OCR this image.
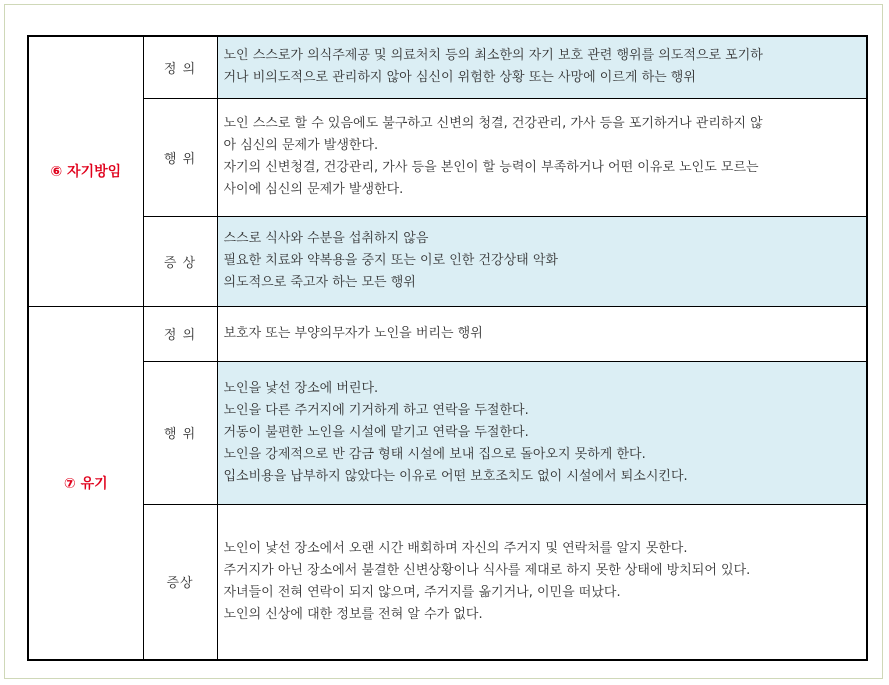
⑥ 자기방임	정 의	노인 스스로가 의식주제공 및 의료처치 등의 최소한의 자기 보호 관련 행위를 의도적으로 포기하
거나 비의도적으로 관리하지 않아 심신이 위험한 상황 또는 사망에 이르게 하는 행위

	행 위	노인 스스로 할 수 있음에도 불구하고 신변의 청결, 건강관리, 가사 등을 포기하거나 관리하지 않
아 심신의 문제가 발생한다.
자기의 신변청결, 건강관리, 가사 등을 본인이 할 능력이 부족하거나 어떤 이유로 노인도 모르는
사이에 심신의 문제가 발생한다.

	증 상	스스로 식사와 수분을 섭취하지 않음
필요한 치료와 약복용을 중지 또는 이로 인한 건강상태 악화
의도적으로 죽고자 하는 모든 행위

⑦ 유기	정 의	보호자 또는 부양의무자가 노인을 버리는 행위

	행 위	노인을 낯선 장소에 버린다.
노인을 다른 주거지에 기거하게 하고 연락을 두절한다.
거동이 불편한 노인을 시설에 맡기고 연락을 두절한다.
노인을 강제적으로 반 감금 형태 시설에 보내 집으로 돌아오지 못하게 한다.
입소비용을 납부하지 않았다는 이유로 어떤 보호조치도 없이 시설에서 퇴소시킨다.

	증상	노인이 낯선 장소에서 오랜 시간 배회하며 자신의 주거지 및 연락처를 알지 못한다.
주거지가 아닌 장소에서 불결한 신변상황이나 식사를 제대로 하지 못한 상태에 방치되어 있다.
자녀들이 전혀 연락이 되지 않으며, 주거지를 옮기거나, 이민을 떠났다.
노인의 신상에 대한 정보를 전혀 알 수가 없다.
